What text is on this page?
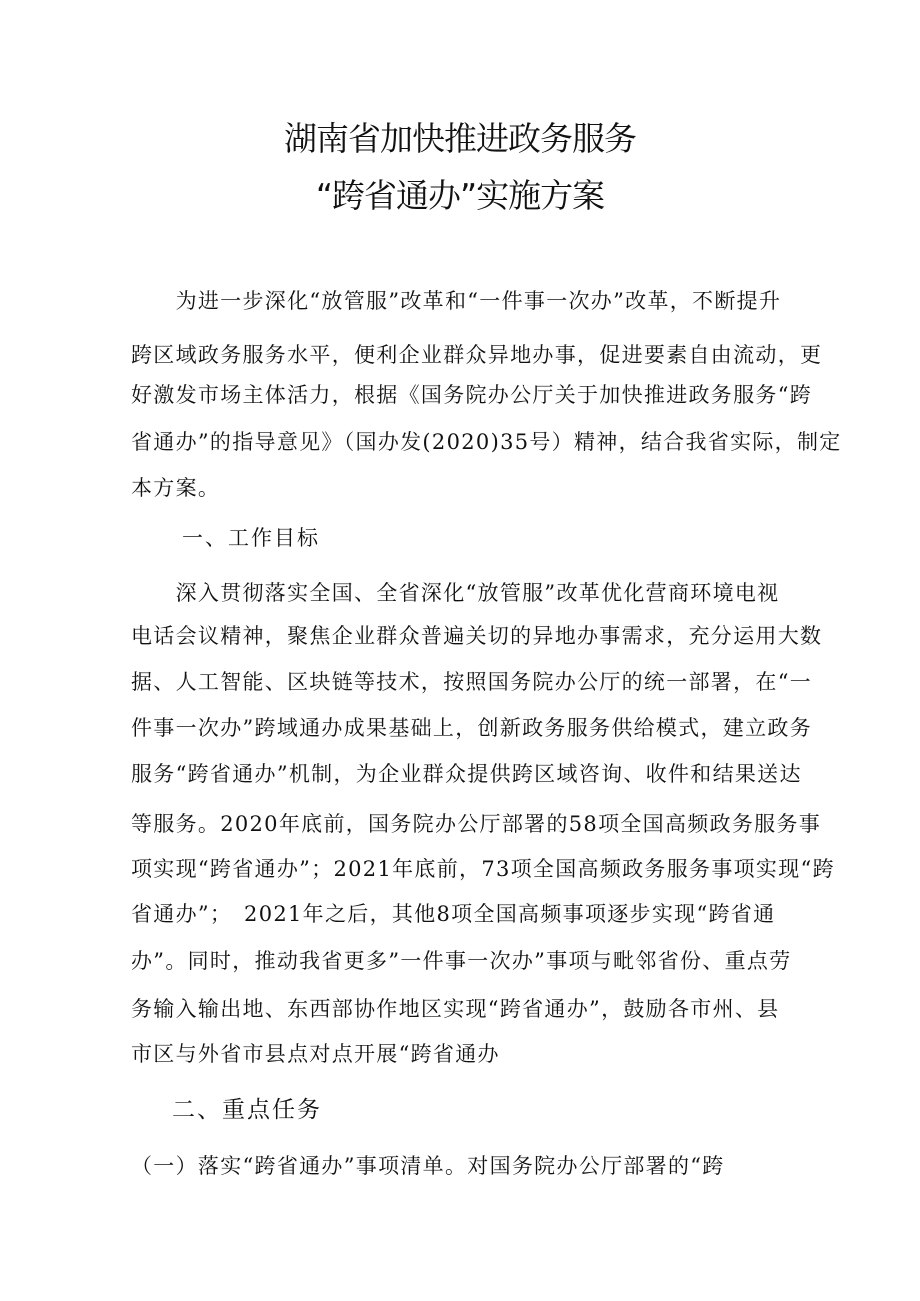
湖南省加快推进政务服务
“跨省通办”实施方案
　　为进一步深化“放管服”改革和“一件事一次办”改革，不断提升
跨区域政务服务水平，便利企业群众异地办事，促进要素自由流动，更
好激发市场主体活力，根据《国务院办公厅关于加快推进政务服务“跨
省通办”的指导意见》（国办发(2020)35号）精神，结合我省实际，制定
本方案。
一、工作目标
　　深入贯彻落实全国、全省深化“放管服”改革优化营商环境电视
电话会议精神，聚焦企业群众普遍关切的异地办事需求，充分运用大数
据、人工智能、区块链等技术，按照国务院办公厅的统一部署，在“一
件事一次办”跨域通办成果基础上，创新政务服务供给模式，建立政务
服务“跨省通办”机制，为企业群众提供跨区域咨询、收件和结果送达
等服务。2020年底前，国务院办公厅部署的58项全国高频政务服务事
项实现“跨省通办”；2021年底前，73项全国高频政务服务事项实现“跨
省通办”；　2021年之后，其他8项全国高频事项逐步实现“跨省通
办”。同时，推动我省更多”一件事一次办”事项与毗邻省份、重点劳
务输入输出地、东西部协作地区实现“跨省通办”，鼓励各市州、县
市区与外省市县点对点开展“跨省通办
二、重点任务
（一）落实“跨省通办”事项清单。对国务院办公厅部署的“跨
